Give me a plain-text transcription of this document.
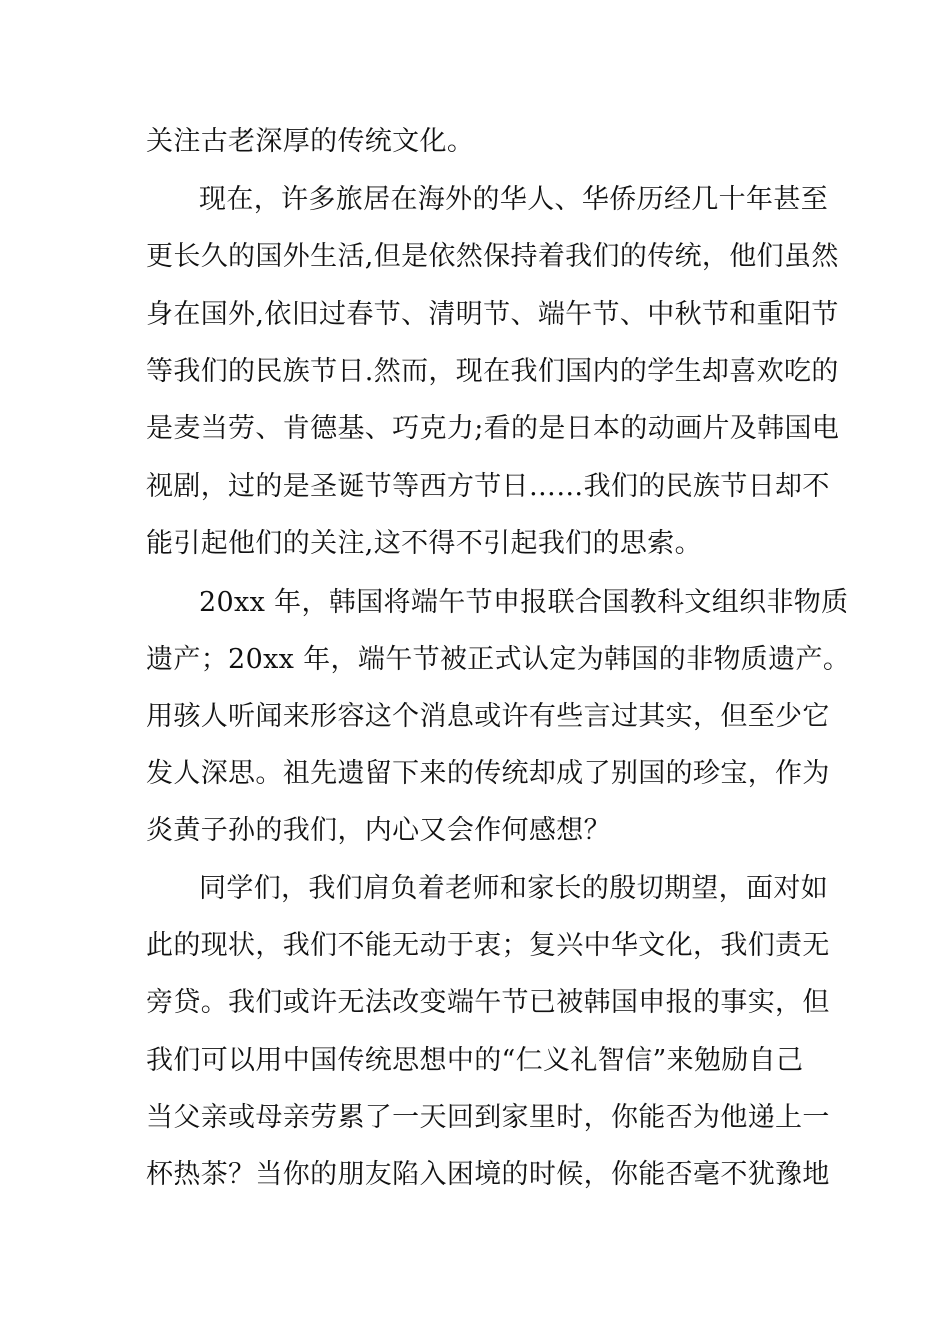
关注古老深厚的传统文化。
现在，许多旅居在海外的华人、华侨历经几十年甚至
更长久的国外生活,但是依然保持着我们的传统，他们虽然
身在国外,依旧过春节、清明节、端午节、中秋节和重阳节
等我们的民族节日.然而，现在我们国内的学生却喜欢吃的
是麦当劳、肯德基、巧克力;看的是日本的动画片及韩国电
视剧，过的是圣诞节等西方节日……我们的民族节日却不
能引起他们的关注,这不得不引起我们的思索。
20xx 年，韩国将端午节申报联合国教科文组织非物质
遗产；20xx 年，端午节被正式认定为韩国的非物质遗产。
用骇人听闻来形容这个消息或许有些言过其实，但至少它
发人深思。祖先遗留下来的传统却成了别国的珍宝，作为
炎黄子孙的我们，内心又会作何感想？
同学们，我们肩负着老师和家长的殷切期望，面对如
此的现状，我们不能无动于衷；复兴中华文化，我们责无
旁贷。我们或许无法改变端午节已被韩国申报的事实，但
我们可以用中国传统思想中的“仁义礼智信”来勉励自己
当父亲或母亲劳累了一天回到家里时，你能否为他递上一
杯热茶？当你的朋友陷入困境的时候，你能否毫不犹豫地
